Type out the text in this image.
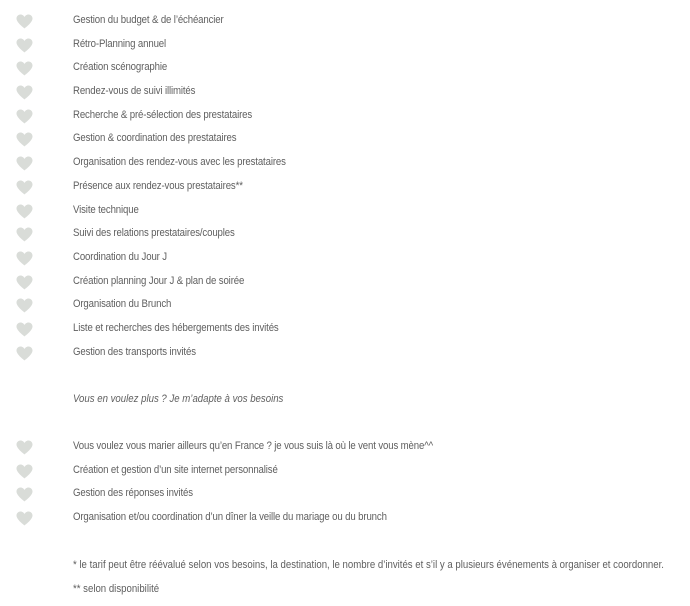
Gestion du budget & de l’échéancier
Rétro-Planning annuel
Création scénographie
Rendez-vous de suivi illimités
Recherche & pré-sélection des prestataires
Gestion & coordination des prestataires
Organisation des rendez-vous avec les prestataires
Présence aux rendez-vous prestataires**
Visite technique
Suivi des relations prestataires/couples
Coordination du Jour J
Création planning Jour J & plan de soirée
Organisation du Brunch
Liste et recherches des hébergements des invités
Gestion des transports invités
Vous en voulez plus ? Je m’adapte à vos besoins
Vous voulez vous marier ailleurs qu’en France ? je vous suis là où le vent vous mène^^
Création et gestion d’un site internet personnalisé
Gestion des réponses invités
Organisation et/ou coordination d’un dîner la veille du mariage ou du brunch
* le tarif peut être réévalué selon vos besoins, la destination, le nombre d’invités et s’il y a plusieurs événements à organiser et coordonner.
** selon disponibilité
